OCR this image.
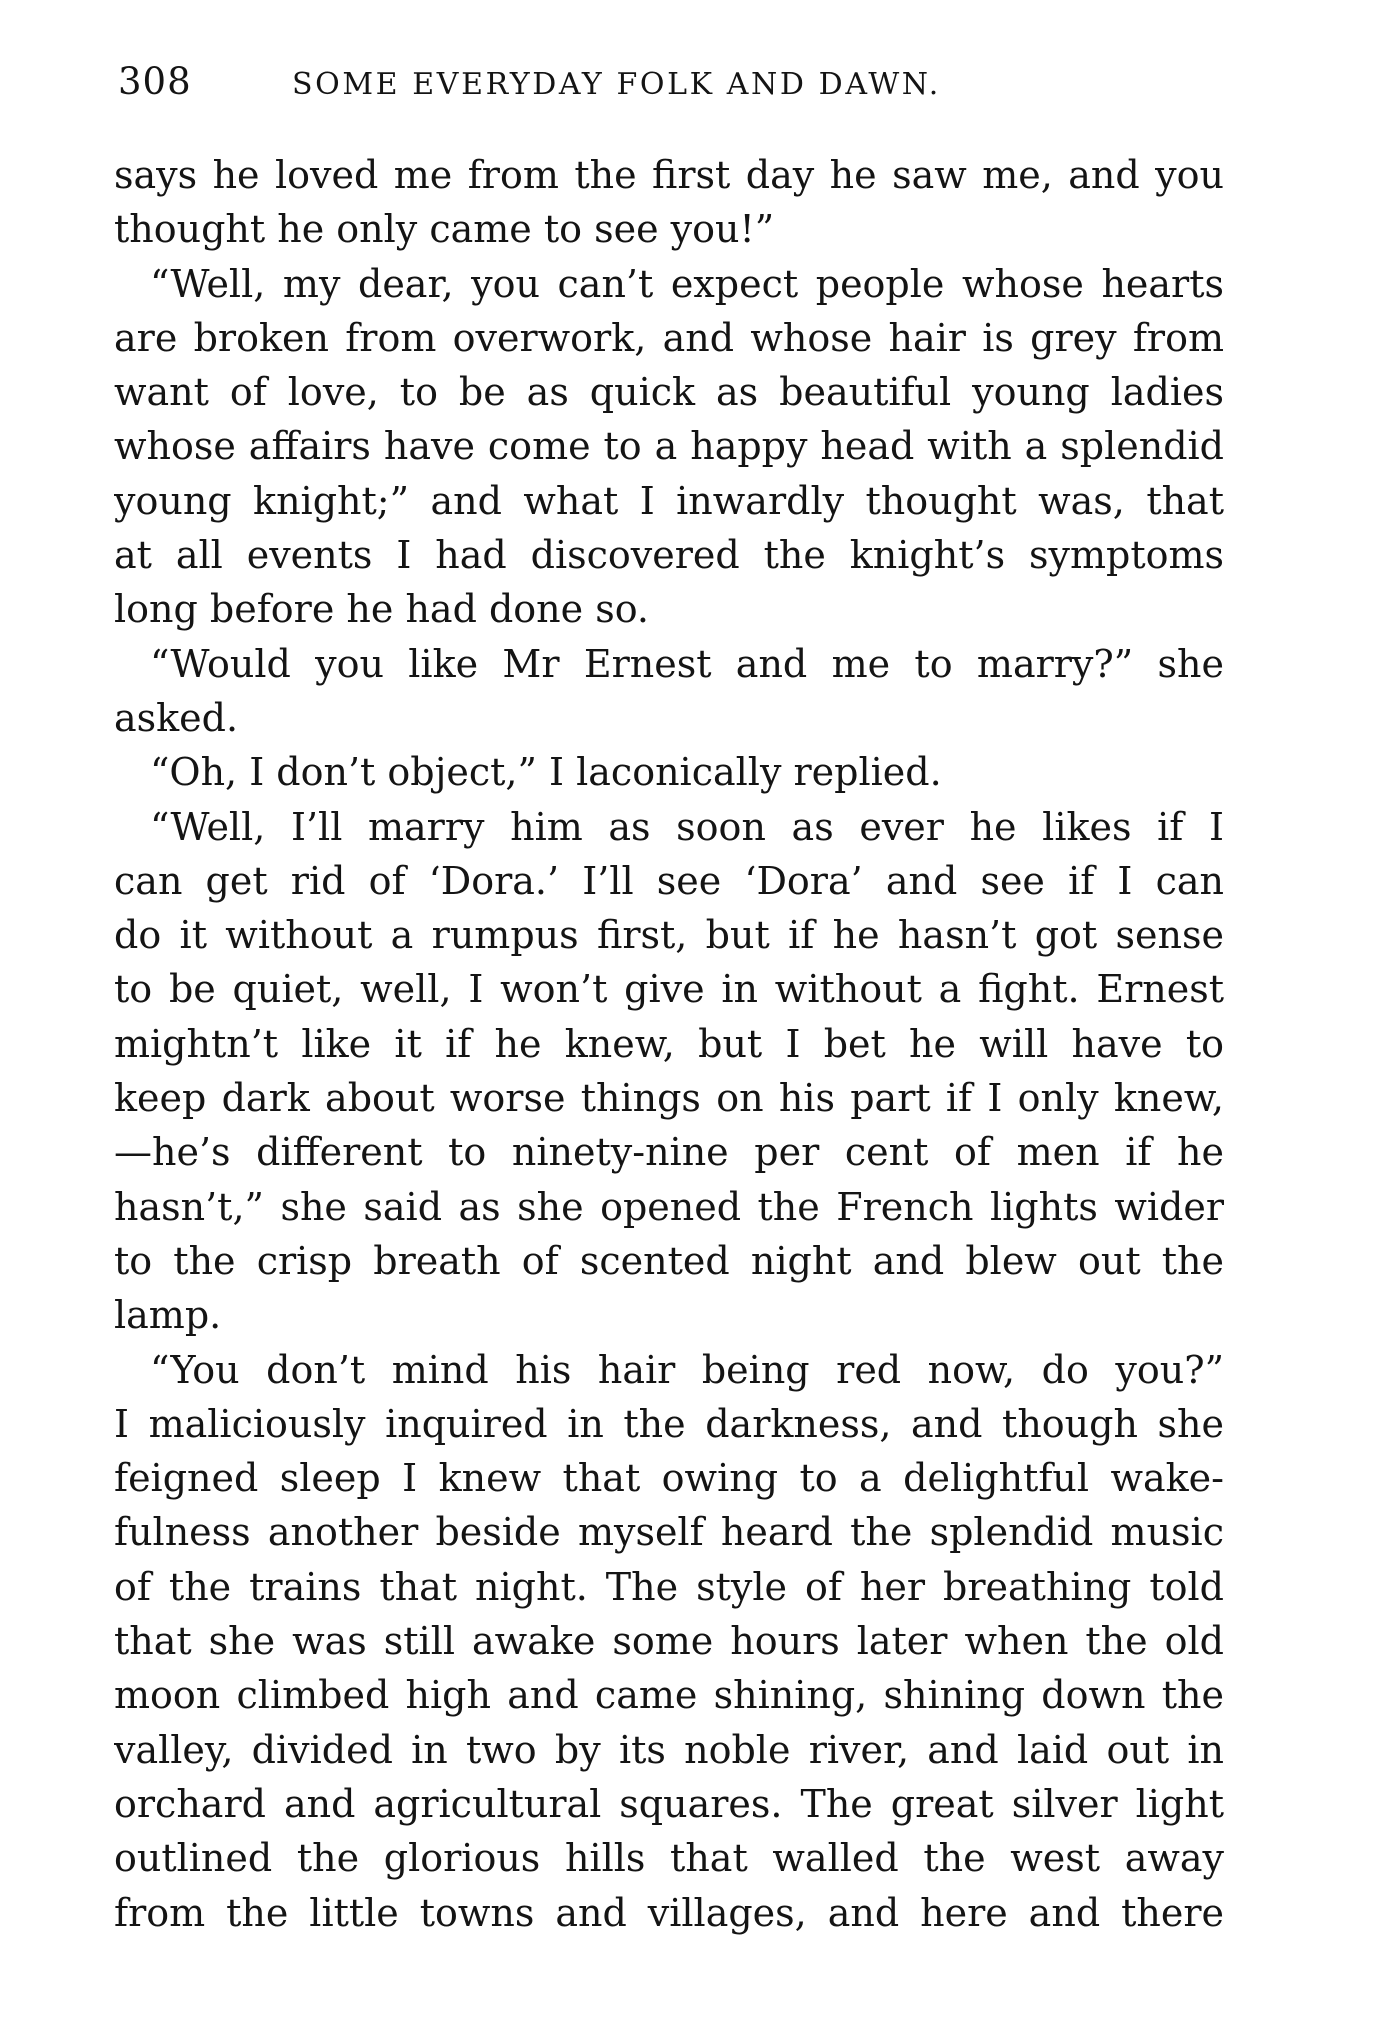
308	SOME EVERYDAY FOLK AND DAWN.
says he loved me from the first day he saw me, and you
thought he only came to see you!”
“Well, my dear, you can’t expect people whose hearts
are broken from overwork, and whose hair is grey from
want of love, to be as quick as beautiful young ladies
whose affairs have come to a happy head with a splendid
young knight;” and what I inwardly thought was, that
at all events I had discovered the knight’s symptoms
long before he had done so.
“Would you like Mr Ernest and me to marry?” she
asked.
“Oh, I don’t object,” I laconically replied.
“Well, I’ll marry him as soon as ever he likes if I
can get rid of ‘Dora.’ I’ll see ‘Dora’ and see if I can
do it without a rumpus first, but if he hasn’t got sense
to be quiet, well, I won’t give in without a fight. Ernest
mightn’t like it if he knew, but I bet he will have to
keep dark about worse things on his part if I only knew,
—he’s different to ninety-nine per cent of men if he
hasn’t,” she said as she opened the French lights wider
to the crisp breath of scented night and blew out the
lamp.
“You don’t mind his hair being red now, do you?”
I maliciously inquired in the darkness, and though she
feigned sleep I knew that owing to a delightful wake-
fulness another beside myself heard the splendid music
of the trains that night. The style of her breathing told
that she was still awake some hours later when the old
moon climbed high and came shining, shining down the
valley, divided in two by its noble river, and laid out in
orchard and agricultural squares. The great silver light
outlined the glorious hills that walled the west away
from the little towns and villages, and here and there
